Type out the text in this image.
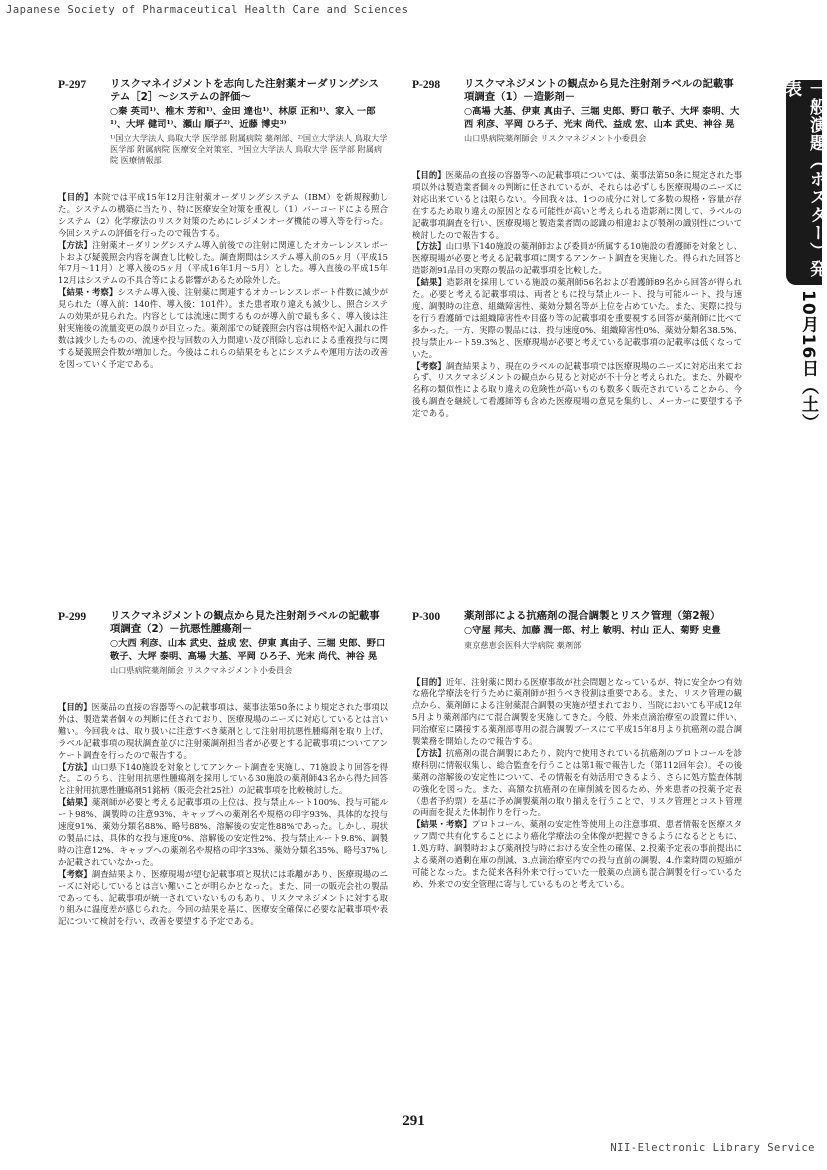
Japanese Society of Pharmaceutical Health Care and Sciences
一般演題（ポスター）発表
10月16日（土）
P-297	リスクマネイジメントを志向した注射薬オーダリングシステム［2］～システムの評価～

○秦 英司¹⁾、椎木 芳和¹⁾、金田 達也¹⁾、林原 正和¹⁾、家入 一郎¹⁾、大坪 健司¹⁾、瀬山 順子²⁾、近藤 博史³⁾
¹⁾国立大学法人 鳥取大学 医学部 附属病院 薬剤部、²⁾国立大学法人 鳥取大学 医学部 附属病院 医療安全対策室、³⁾国立大学法人 鳥取大学 医学部 附属病院 医療情報部

【目的】本院では平成15年12月注射薬オーダリングシステム（IBM）を新規稼動した。システムの構築に当たり、特に医療安全対策を重視し（1）バーコードによる照合システム（2）化学療法のリスク対策のためにレジメンオーダ機能の導入等を行った。今回システムの評価を行ったので報告する。

【方法】注射薬オーダリングシステム導入前後での注射に関連したオカーレンスレポートおよび疑義照会内容を調査し比較した。調査期間はシステム導入前の5ヶ月（平成15年7月～11月）と導入後の5ヶ月（平成16年1月～5月）とした。導入直後の平成15年12月はシステムの不具合等による影響があるため除外した。

【結果・考察】システム導入後、注射薬に関連するオカーレンスレポート件数に減少が見られた（導入前：140件、導入後：101件）。また患者取り違えも減少し、照合システムの効果が見られた。内容としては流速に関するものが導入前で最も多く、導入後は注射実施後の流量変更の誤りが目立った。薬剤部での疑義照会内容は規格や記入漏れの件数は減少したものの、流速や投与回数の入力間違い及び削除し忘れによる重複投与に関する疑義照会件数が増加した。今後はこれらの結果をもとにシステムや運用方法の改善を図っていく予定である。

P-298	リスクマネジメントの観点から見た注射剤ラベルの記載事項調査（1）－造影剤－

○高場 大基、伊東 真由子、三堀 史郎、野口 敬子、大坪 泰明、大西 利彦、平岡 ひろ子、光末 尚代、益成 宏、山本 武史、神谷 晃
山口県病院薬剤師会 リスクマネジメント小委員会

【目的】医薬品の直接の容器等への記載事項については、薬事法第50条に規定された事項以外は製造業者個々の判断に任されているが、それらは必ずしも医療現場のニーズに対応出来ているとは限らない。今回我々は、1つの成分に対して多数の規格・容量が存在するため取り違えの原因となる可能性が高いと考えられる造影剤に関して、ラベルの記載事項調査を行い、医療現場と製造業者間の認識の相違および製剤の識別性について検討したので報告する。

【方法】山口県下140施設の薬剤師および委員が所属する10施設の看護師を対象とし、医療現場が必要と考える記載事項に関するアンケート調査を実施した。得られた回答と造影剤91品目の実際の製品の記載事項を比較した。

【結果】造影剤を採用している施設の薬剤師56名および看護師89名から回答が得られた。必要と考える記載事項は、両者ともに投与禁止ルート、投与可能ルート、投与速度、調製時の注意、組織障害性、薬効分類名等が上位を占めていた。また、実際に投与を行う看護師では組織障害性や目盛り等の記載事項を重要視する回答が薬剤師に比べて多かった。一方、実際の製品には、投与速度0%、組織障害性0%、薬効分類名38.5%、投与禁止ルート59.3%と、医療現場が必要と考えている記載事項の記載率は低くなっていた。

【考察】調査結果より、現在のラベルの記載事項では医療現場のニーズに対応出来ておらず、リスクマネジメントの観点から見ると対応が不十分と考えられた。また、外観や名称の類似性による取り違えの危険性が高いものも数多く販売されていることから、今後も調査を継続して看護師等も含めた医療現場の意見を集約し、メーカーに要望する予定である。

P-299	リスクマネジメントの観点から見た注射剤ラベルの記載事項調査（2）－抗悪性腫瘍剤－

○大西 利彦、山本 武史、益成 宏、伊東 真由子、三堀 史郎、野口 敬子、大坪 泰明、高場 大基、平岡 ひろ子、光末 尚代、神谷 晃
山口県病院薬剤師会 リスクマネジメント小委員会

【目的】医薬品の直接の容器等への記載事項は、薬事法第50条により規定された事項以外は、製造業者個々の判断に任されており、医療現場のニーズに対応しているとは言い難い。今回我々は、取り扱いに注意すべき薬剤として注射用抗悪性腫瘍剤を取り上げ、ラベル記載事項の現状調査並びに注射薬調剤担当者が必要とする記載事項についてアンケート調査を行ったので報告する。

【方法】山口県下140施設を対象としてアンケート調査を実施し、71施設より回答を得た。このうち、注射用抗悪性腫瘍剤を採用している30施設の薬剤師43名から得た回答と注射用抗悪性腫瘍剤51銘柄（販売会社25社）の記載事項を比較検討した。

【結果】薬剤師が必要と考える記載事項の上位は、投与禁止ルート100%、投与可能ルート98%、調製時の注意93%、キャップへの薬剤名や規格の印字93%、具体的な投与速度91%、薬効分類名88%、略号88%、溶解後の安定性88%であった。しかし、現状の製品には、具体的な投与速度0%、溶解後の安定性2%、投与禁止ルート9.8%、調製時の注意12%、キャップへの薬剤名や規格の印字33%、薬効分類名35%、略号37%しか記載されていなかった。

【考察】調査結果より、医療現場が望む記載事項と現状には乖離があり、医療現場のニーズに対応しているとは言い難いことが明らかとなった。また、同一の販売会社の製品であっても、記載事項が統一されていないものもあり、リスクマネジメントに対する取り組みに温度差が感じられた。今回の結果を基に、医療安全確保に必要な記載事項や表記について検討を行い、改善を要望する予定である。

P-300	薬剤部による抗癌剤の混合調製とリスク管理（第2報）

○守屋 邦夫、加藤 潤一郎、村上 敏明、村山 正人、菊野 史豊
東京慈恵会医科大学病院 薬剤部

【目的】近年、注射薬に関わる医療事故が社会問題となっているが、特に安全かつ有効な癌化学療法を行うために薬剤師が担うべき役割は重要である。また、リスク管理の観点から、薬剤師による注射薬混合調製の実施が望まれており、当院においても平成12年5月より薬剤部内にて混合調製を実施してきた。今般、外来点滴治療室の設置に伴い、同治療室に隣接する薬剤部専用の混合調製ブースにて平成15年8月より抗癌剤の混合調製業務を開始したので報告する。

【方法】抗癌剤の混合調製にあたり、院内で使用されている抗癌剤のプロトコールを診療科別に情報収集し、総合監査を行うことは第1報で報告した（第112回年会）。その後薬剤の溶解後の安定性について、その情報を有効活用できるよう、さらに処方監査体制の強化を図った。また、高額な抗癌剤の在庫削減を図るため、外来患者の投薬予定表（患者予約票）を基に予め調製薬剤の取り揃えを行うことで、リスク管理とコスト管理の両面を捉えた体制作りを行った。

【結果・考察】プロトコール、薬剤の安定性等使用上の注意事項、患者情報を医療スタッフ間で共有化することにより癌化学療法の全体像が把握できるようになるとともに、1.処方時、調製時および薬剤投与時における安全性の確保、2.投薬予定表の事前提出による薬剤の過剰在庫の削減、3.点滴治療室内での投与直前の調製、4.作業時間の短縮が可能となった。また従来各科外来で行っていた一般薬の点滴も混合調製を行っているため、外来での安全管理に寄与しているものと考えている。

291
NII-Electronic Library Service
